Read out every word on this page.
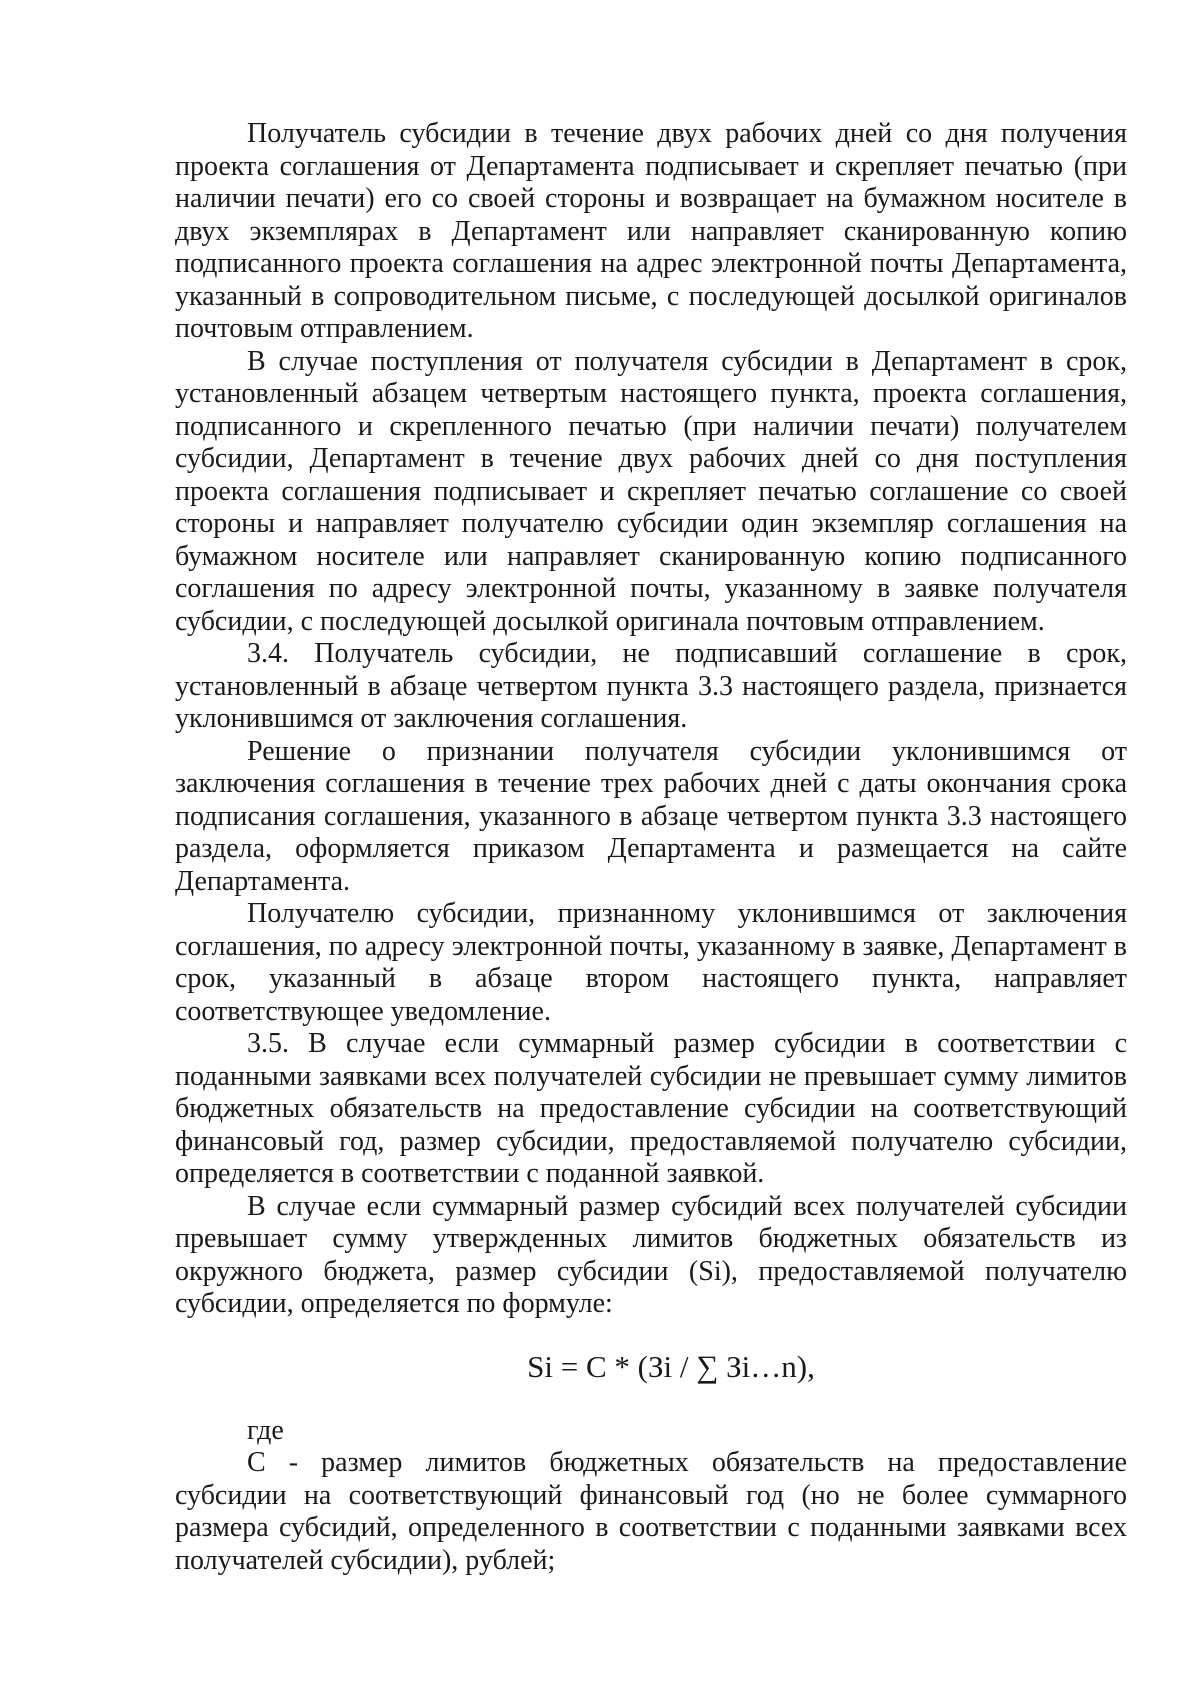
Получатель субсидии в течение двух рабочих дней со дня получения проекта соглашения от Департамента подписывает и скрепляет печатью (при наличии печати) его со своей стороны и возвращает на бумажном носителе в двух экземплярах в Департамент или направляет сканированную копию подписанного проекта соглашения на адрес электронной почты Департамента, указанный в сопроводительном письме, с последующей досылкой оригиналов почтовым отправлением.

В случае поступления от получателя субсидии в Департамент в срок, установленный абзацем четвертым настоящего пункта, проекта соглашения, подписанного и скрепленного печатью (при наличии печати) получателем субсидии, Департамент в течение двух рабочих дней со дня поступления проекта соглашения подписывает и скрепляет печатью соглашение со своей стороны и направляет получателю субсидии один экземпляр соглашения на бумажном носителе или направляет сканированную копию подписанного соглашения по адресу электронной почты, указанному в заявке получателя субсидии, с последующей досылкой оригинала почтовым отправлением.

3.4. Получатель субсидии, не подписавший соглашение в срок, установленный в абзаце четвертом пункта 3.3 настоящего раздела, признается уклонившимся от заключения соглашения.

Решение о признании получателя субсидии уклонившимся от заключения соглашения в течение трех рабочих дней с даты окончания срока подписания соглашения, указанного в абзаце четвертом пункта 3.3 настоящего раздела, оформляется приказом Департамента и размещается на сайте Департамента.

Получателю субсидии, признанному уклонившимся от заключения соглашения, по адресу электронной почты, указанному в заявке, Департамент в срок, указанный в абзаце втором настоящего пункта, направляет соответствующее уведомление.

3.5. В случае если суммарный размер субсидии в соответствии с поданными заявками всех получателей субсидии не превышает сумму лимитов бюджетных обязательств на предоставление субсидии на соответствующий финансовый год, размер субсидии, предоставляемой получателю субсидии, определяется в соответствии с поданной заявкой.

В случае если суммарный размер субсидий всех получателей субсидии превышает сумму утвержденных лимитов бюджетных обязательств из окружного бюджета, размер субсидии (Si), предоставляемой получателю субсидии, определяется по формуле:

Si = C * (Зi / ∑ Зi…n),

где

С - размер лимитов бюджетных обязательств на предоставление субсидии на соответствующий финансовый год (но не более суммарного размера субсидий, определенного в соответствии с поданными заявками всех получателей субсидии), рублей;
